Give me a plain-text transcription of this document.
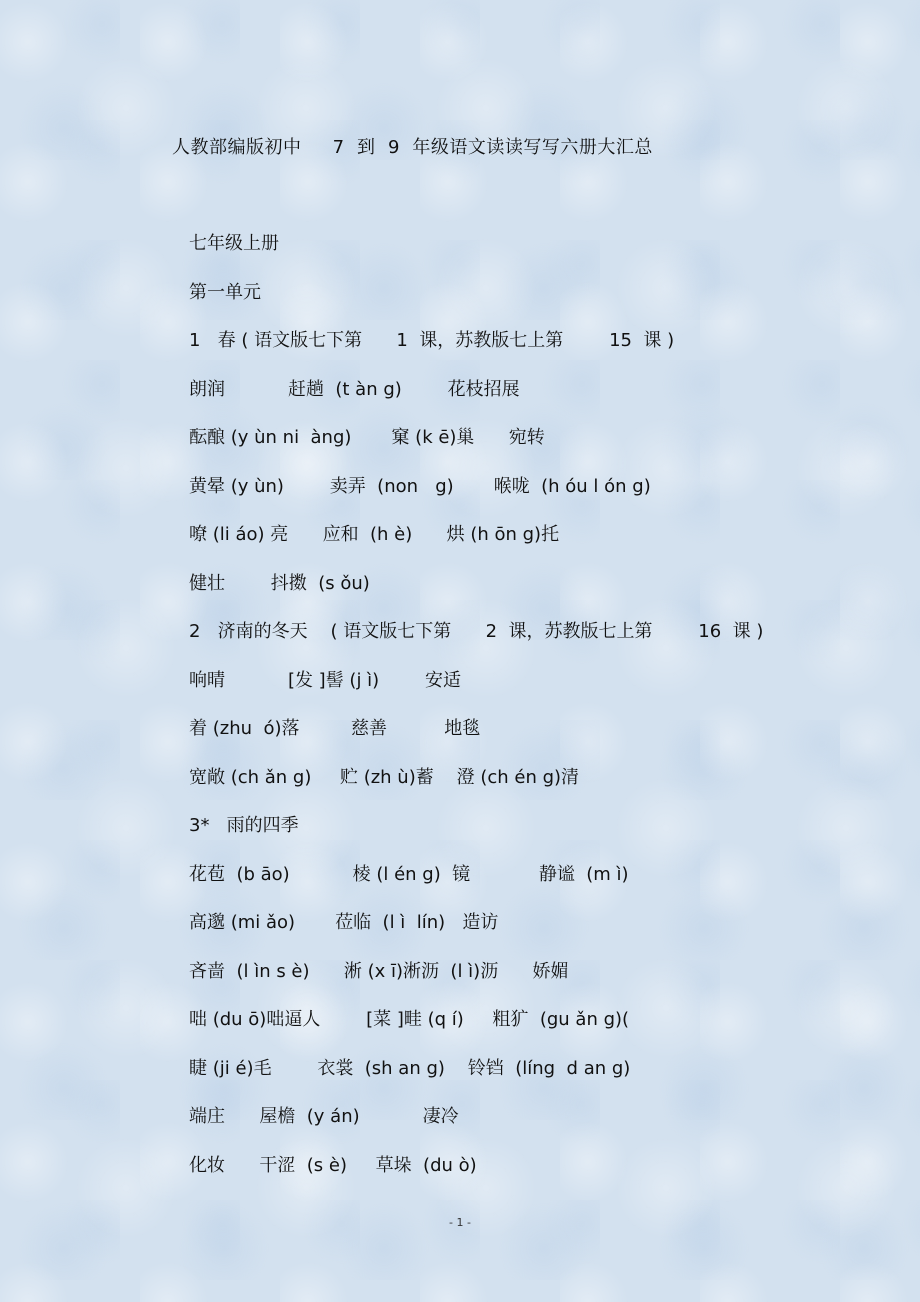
人教部编版初中     7  到  9  年级语文读读写写六册大汇总
七年级上册
第一单元
1   春 ( 语文版七下第      1  课，苏教版七上第        15  课 )
朗润           赶趟  (t àn g)        花枝招展
酝酿 (y ùn ni  àng)       窠 (k ē)巢      宛转
黄晕 (y ùn)        卖弄  (non   g)       喉咙  (h óu l ón g)
嘹 (li áo) 亮      应和  (h è)      烘 (h ōn g)托
健壮        抖擞  (s ǒu)
2   济南的冬天    ( 语文版七下第      2  课，苏教版七上第        16  课 )
响晴           [发 ]髻 (j ì)        安适
着 (zhu  ó)落         慈善          地毯
宽敞 (ch ǎn g)     贮 (zh ù)蓄    澄 (ch én g)清
3*   雨的四季
花苞  (b āo)           棱 (l én g)  镜            静谧  (m ì)
高邈 (mi ǎo)       莅临  (l ì  lín)   造访
吝啬  (l ìn s è)      淅 (x ī)淅沥  (l ì)沥      娇媚
咄 (du ō)咄逼人        [菜 ]畦 (q í)     粗犷  (gu ǎn g)(
睫 (ji é)毛        衣裳  (sh an g)    铃铛  (líng  d an g)
端庄      屋檐  (y án)           凄冷
化妆      干涩  (s è)     草垛  (du ò)
- 1 -
